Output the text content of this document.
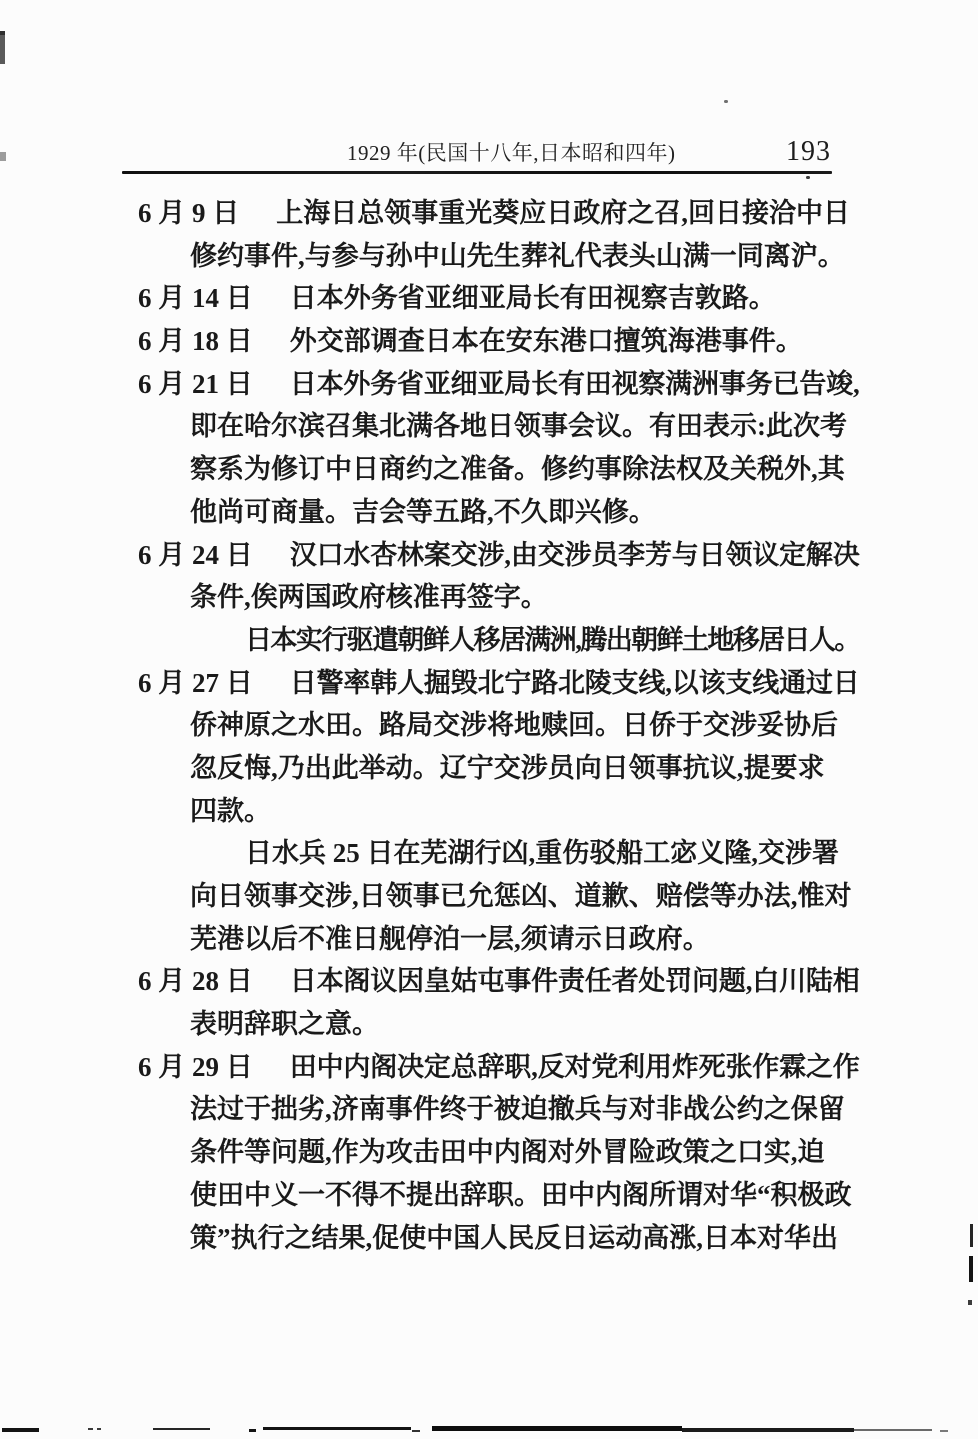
1929 年(民国十八年,日本昭和四年)	193
6 月 9 日 上海日总领事重光葵应日政府之召,回日接洽中日
修约事件,与参与孙中山先生葬礼代表头山满一同离沪。
6 月 14 日 日本外务省亚细亚局长有田视察吉敦路。
6 月 18 日 外交部调查日本在安东港口擅筑海港事件。
6 月 21 日 日本外务省亚细亚局长有田视察满洲事务已告竣,
即在哈尔滨召集北满各地日领事会议。有田表示:此次考
察系为修订中日商约之准备。修约事除法权及关税外,其
他尚可商量。吉会等五路,不久即兴修。
6 月 24 日 汉口水杏林案交涉,由交涉员李芳与日领议定解决
条件,俟两国政府核准再签字。
日本实行驱遣朝鲜人移居满洲,腾出朝鲜土地移居日人。
6 月 27 日 日警率韩人掘毁北宁路北陵支线,以该支线通过日
侨神原之水田。路局交涉将地赎回。日侨于交涉妥协后
忽反悔,乃出此举动。辽宁交涉员向日领事抗议,提要求
四款。
日水兵 25 日在芜湖行凶,重伤驳船工宓义隆,交涉署
向日领事交涉,日领事已允惩凶、道歉、赔偿等办法,惟对
芜港以后不准日舰停泊一层,须请示日政府。
6 月 28 日 日本阁议因皇姑屯事件责任者处罚问题,白川陆相
表明辞职之意。
6 月 29 日 田中内阁决定总辞职,反对党利用炸死张作霖之作
法过于拙劣,济南事件终于被迫撤兵与对非战公约之保留
条件等问题,作为攻击田中内阁对外冒险政策之口实,迫
使田中义一不得不提出辞职。田中内阁所谓对华“积极政
策”执行之结果,促使中国人民反日运动高涨,日本对华出
